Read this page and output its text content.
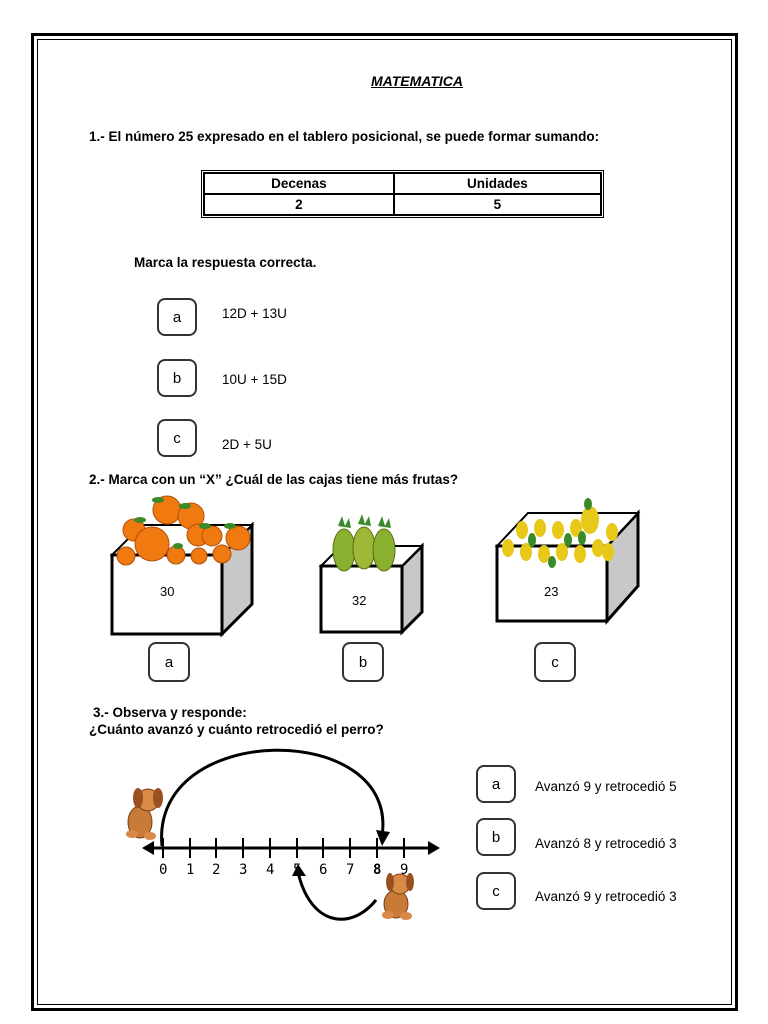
MATEMATICA
1.- El número 25 expresado en el tablero posicional, se puede formar sumando:
Decenas	Unidades
2	5
Marca la respuesta correcta.
a	12D + 13U
b	10U + 15D
c	2D + 5U
2.- Marca con un “X” ¿Cuál de las cajas tiene más frutas?
30
32
23
a	b	c
3.- Observa y responde:
¿Cuánto avanzó y cuánto retrocedió el perro?
0 1 2 3 4 5 6 7 8 9
a	Avanzó 9 y retrocedió 5
b	Avanzó 8 y retrocedió 3
c	Avanzó 9 y retrocedió 3
